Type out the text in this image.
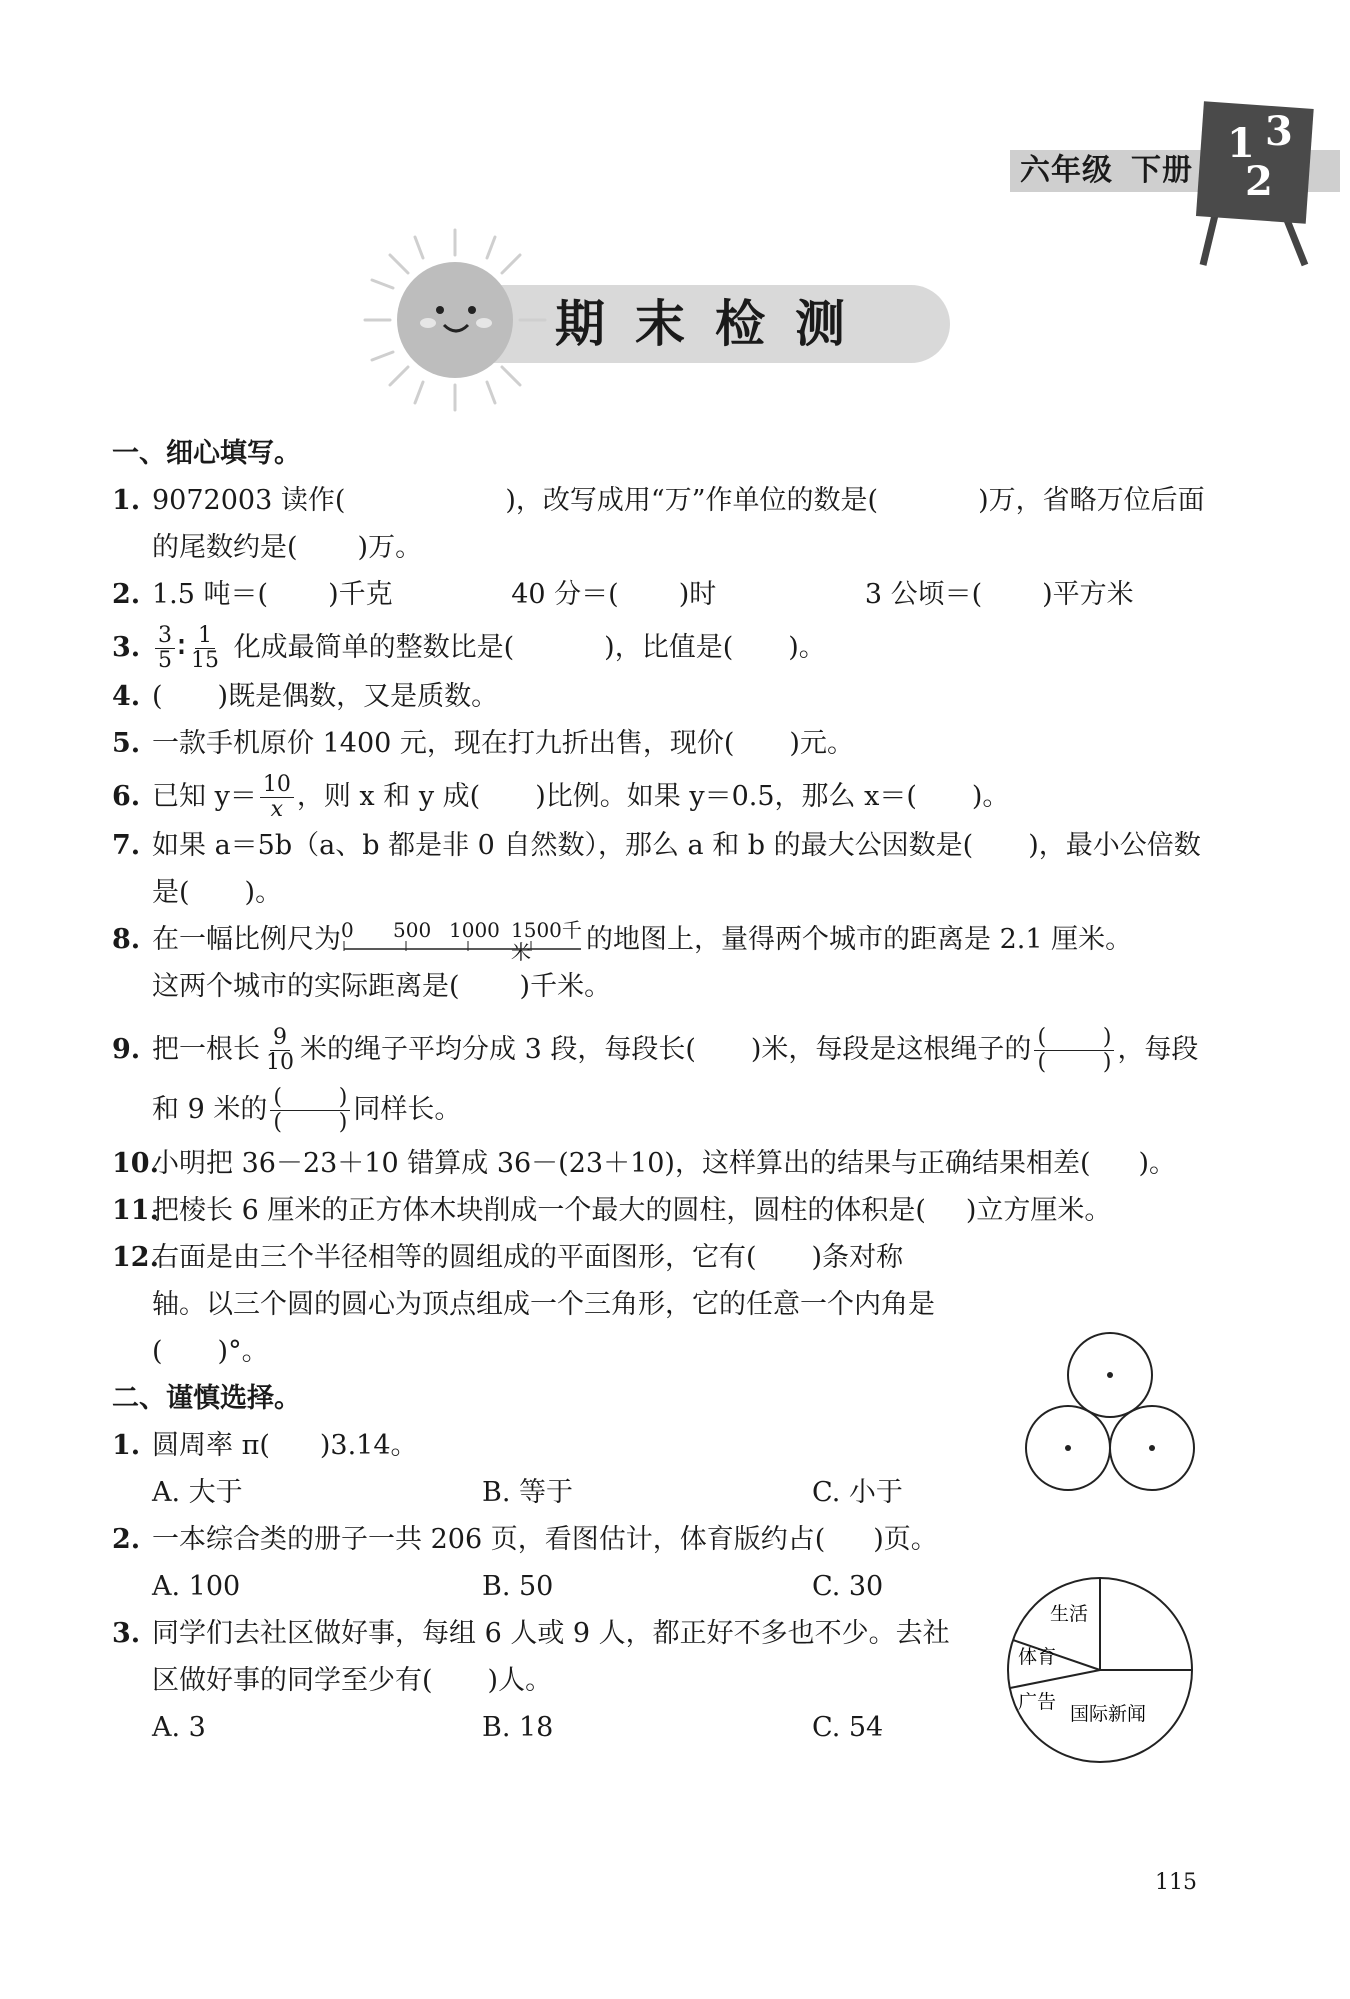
六年级 下册
1 3
2
期末检测
一、细心填写。
1. 9072003 读作(	)，改写成用“万”作单位的数是(	)万，省略万位后面
的尾数约是( )万。
2. 1.5 吨＝( )千克	40 分＝( )时	3 公顷＝( )平方米
3. $\frac{3}{5}$ ∶ $\frac{1}{15}$ 化成最简单的整数比是(	)，比值是( )。
4. ( )既是偶数，又是质数。
5. 一款手机原价 1400 元，现在打九折出售，现价( )元。
6. 已知 $y= \frac{10}{x}$ ，则 x 和 y 成( )比例。如果 y＝0.5，那么 x＝( )。
7. 如果 a＝5b（a、b 都是非 0 自然数），那么 a 和 b 的最大公因数是( )，最小公倍数
是( )。
8. 在一幅比例尺为 0 500 1000 1500千米	的地图上，量得两个城市的距离是 2.1 厘米。
这两个城市的实际距离是( )千米。
9. 把一根长 $\frac{9}{10}$ 米的绳子平均分成 3 段，每段长( )米，每段是这根绳子的 (	)
(	) ，每段
和 9 米的 (	)
(	) 同样长。
10.
小明把 36－23＋10 错算成 36－(23＋10)，这样算出的结果与正确结果相差( )。
11.
把棱长 6 厘米的正方体木块削成一个最大的圆柱，圆柱的体积是( )立方厘米。
12.
右面是由三个半径相等的圆组成的平面图形，它有( )条对称
轴。以三个圆的圆心为顶点组成一个三角形，它的任意一个内角是
( )°。
二、谨慎选择。
1. 圆周率 π( )3.14。
A. 大于	B. 等于	C. 小于
2. 一本综合类的册子一共 206 页，看图估计，体育版约占( )页。
A. 100	B. 50	C. 30
3. 同学们去社区做好事，每组 6 人或 9 人，都正好不多也不少。去社
区做好事的同学至少有( )人。
A. 3	B. 18	C. 54
生活
体育
广告
国际新闻
115
